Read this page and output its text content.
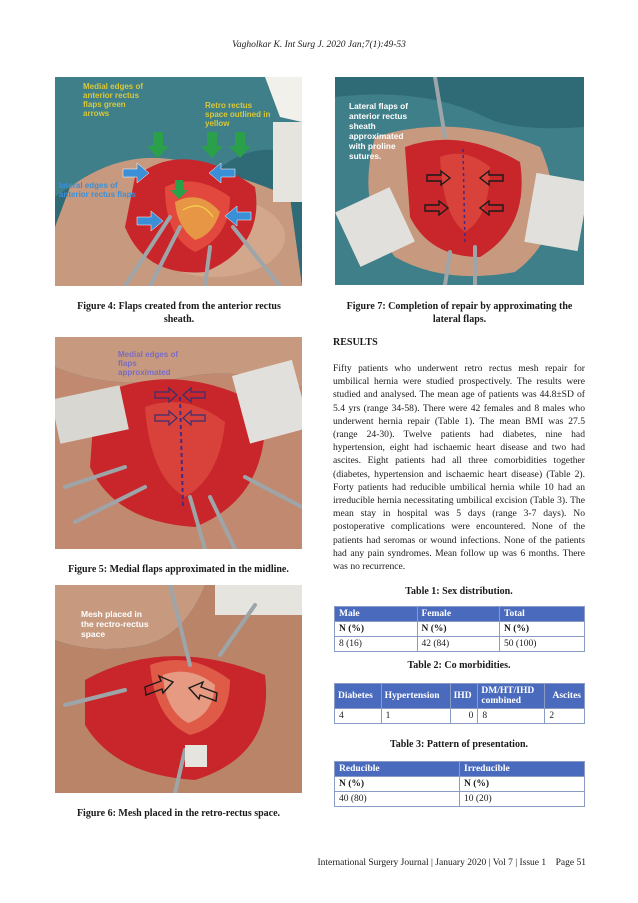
Vagholkar K. Int Surg J. 2020 Jan;7(1):49-53
Medial edges of
anterior rectus
flaps green
arrows
Retro rectus
space outlined in
yellow
lateral edges of
anterior rectus flaps
Figure 4: Flaps created from the anterior rectus sheath.
Medial edges of
flaps
approximated
Figure 5: Medial flaps approximated in the midline.
Mesh placed in
the rectro-rectus
space
Figure 6: Mesh placed in the retro-rectus space.
Lateral flaps of
anterior rectus
sheath
approximated
with proline
sutures.
Figure 7: Completion of repair by approximating the lateral flaps.
RESULTS
Fifty patients who underwent retro rectus mesh repair for umbilical hernia were studied prospectively. The results were studied and analysed. The mean age of patients was 44.8±SD of 5.4 yrs (range 34-58). There were 42 females and 8 males who underwent hernia repair (Table 1). The mean BMI was 27.5 (range 24-30). Twelve patients had diabetes, nine had hypertension, eight had ischaemic heart disease and two had ascites. Eight patients had all three comorbidities together (diabetes, hypertension and ischaemic heart disease) (Table 2). Forty patients had reducible umbilical hernia while 10 had an irreducible hernia necessitating umbilical excision (Table 3). The mean stay in hospital was 5 days (range 3-7 days). No postoperative complications were encountered. None of the patients had seromas or wound infections. None of the patients had any pain syndromes. Mean follow up was 6 months. There was no recurrence.
Table 1: Sex distribution.
Male	Female	Total
N (%)	N (%)	N (%)
8 (16)	42 (84)	50 (100)
Table 2: Co morbidities.
Diabetes	Hypertension	IHD	DM/HT/IHD combined	Ascites
4	1	0	8	2
Table 3: Pattern of presentation.
Reducible	Irreducible
N (%)	N (%)
40 (80)	10 (20)
International Surgery Journal | January 2020 | Vol 7 | Issue 1    Page 51
